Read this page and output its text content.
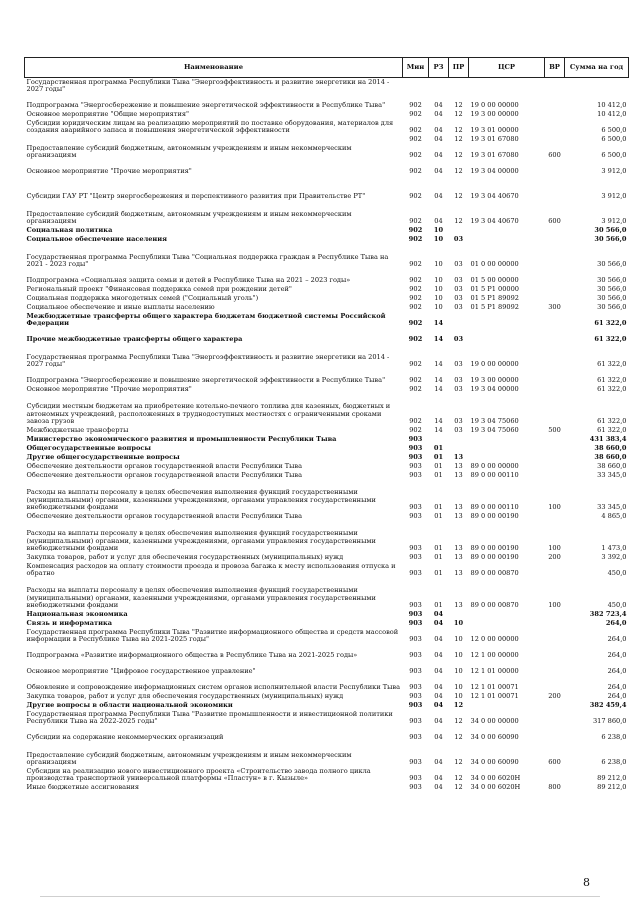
Наименование	Мин	РЗ	ПР	ЦСР	ВР	Сумма на год
Государственная программа Республики Тыва "Энергоэффективность и развитие энергетики на 2014 - 2027 годы"						
Подпрограмма "Энергосбережение и повышение энергетической эффективности в Республике Тыва"	902	04	12	19 0 00 00000		10 412,0
Основное мероприятие "Общие мероприятия"	902	04	12	19 3 00 00000		10 412,0
Субсидии юридическим лицам на реализацию мероприятий по поставке оборудования, материалов для создания аварийного запаса и повышения энергетической эффективности	902	04	12	19 3 01 00000		6 500,0
	902	04	12	19 3 01 67080		6 500,0
Предоставление субсидий бюджетным, автономным учреждениям и иным некоммерческим организациям	902	04	12	19 3 01 67080	600	6 500,0
Основное мероприятие "Прочие мероприятия"	902	04	12	19 3 04 00000		3 912,0
Субсидии ГАУ РТ "Центр энергосбережения и перспективного развития при Правительстве РТ"	902	04	12	19 3 04 40670		3 912,0
Предоставление субсидий бюджетным, автономным учреждениям и иным некоммерческим организациям	902	04	12	19 3 04 40670	600	3 912,0
Социальная политика	902	10				30 566,0
Социальное обеспечение населения	902	10	03			30 566,0
Государственная программа Республики Тыва "Социальная поддержка граждан в Республике Тыва на 2021 - 2023 годы"	902	10	03	01 0 00 00000		30 566,0
Подпрограмма «Социальная защита семьи и детей в Республике Тыва на 2021 – 2023 годы»	902	10	03	01 5 00 00000		30 566,0
Региональный проект "Финансовая поддержка семей при рождении детей"	902	10	03	01 5 P1 00000		30 566,0
Социальная поддержка многодетных семей ("Социальный уголь")	902	10	03	01 5 P1 89092		30 566,0
Социальное обеспечение и иные выплаты населению	902	10	03	01 5 P1 89092	300	30 566,0
Межбюджетные трансферты общего характера бюджетам бюджетной системы Российской Федерации	902	14				61 322,0
Прочие межбюджетные трансферты общего характера	902	14	03			61 322,0
Государственная программа Республики Тыва "Энергоэффективность и развитие энергетики на 2014 - 2027 годы"	902	14	03	19 0 00 00000		61 322,0
Подпрограмма "Энергосбережение и повышение энергетической эффективности в Республике Тыва"	902	14	03	19 3 00 00000		61 322,0
Основное мероприятие "Прочие мероприятия"	902	14	03	19 3 04 00000		61 322,0
Субсидии местным бюджетам на приобретение котельно-печного топлива для казенных, бюджетных и автономных учреждений, расположенных в труднодоступных местностях с ограниченными сроками завоза грузов	902	14	03	19 3 04 75060		61 322,0
Межбюджетные трансферты	902	14	03	19 3 04 75060	500	61 322,0
Министерство экономического развития и промышленности Республики Тыва	903					431 383,4
Общегосударственные вопросы	903	01				38 660,0
Другие общегосударственные вопросы	903	01	13			38 660,0
Обеспечение деятельности органов государственной власти Республики Тыва	903	01	13	89 0 00 00000		38 660,0
Обеспечение деятельности органов государственной власти Республики Тыва	903	01	13	89 0 00 00110		33 345,0
Расходы на выплаты персоналу в целях обеспечения выполнения функций государственными (муниципальными) органами, казенными учреждениями, органами управления государственными внебюджетными фондами	903	01	13	89 0 00 00110	100	33 345,0
Обеспечение деятельности органов государственной власти Республики Тыва	903	01	13	89 0 00 00190		4 865,0
Расходы на выплаты персоналу в целях обеспечения выполнения функций государственными (муниципальными) органами, казенными учреждениями, органами управления государственными внебюджетными фондами	903	01	13	89 0 00 00190	100	1 473,0
Закупка товаров, работ и услуг для обеспечения государственных (муниципальных) нужд	903	01	13	89 0 00 00190	200	3 392,0
Компенсация расходов на оплату стоимости проезда и провоза багажа к месту использования отпуска и обратно	903	01	13	89 0 00 00870		450,0
Расходы на выплаты персоналу в целях обеспечения выполнения функций государственными (муниципальными) органами, казенными учреждениями, органами управления государственными внебюджетными фондами	903	01	13	89 0 00 00870	100	450,0
Национальная экономика	903	04				382 723,4
Связь и информатика	903	04	10			264,0
Государственная программа Республики Тыва "Развитие информационного общества и средств массовой информации в Республике Тыва на 2021-2025 годы"	903	04	10	12 0 00 00000		264,0
Подпрограмма «Развитие информационного общества в Республике Тыва на 2021-2025 годы»	903	04	10	12 1 00 00000		264,0
Основное мероприятие "Цифровое государственное управление"	903	04	10	12 1 01 00000		264,0
Обновление и сопровождение информационных систем органов исполнительной власти Республики Тыва	903	04	10	12 1 01 00071		264,0
Закупка товаров, работ и услуг для обеспечения государственных (муниципальных) нужд	903	04	10	12 1 01 00071	200	264,0
Другие вопросы в области национальной экономики	903	04	12			382 459,4
Государственная программа Республики Тыва "Развитие промышленности и инвестиционной политики Республики Тыва на 2022-2025 годы"	903	04	12	34 0 00 00000		317 860,0
Субсидии на содержание некоммерческих организаций	903	04	12	34 0 00 60090		6 238,0
Предоставление субсидий бюджетным, автономным учреждениям и иным некоммерческим организациям	903	04	12	34 0 00 60090	600	6 238,0
Субсидии на реализацию нового инвестиционного проекта «Строительство завода полного цикла производства транспортной универсальной платформы «Пластун» в г. Кызыле»	903	04	12	34 0 00 6020Н		89 212,0
Иные бюджетные ассигнования	903	04	12	34 0 00 6020Н	800	89 212,0
8
